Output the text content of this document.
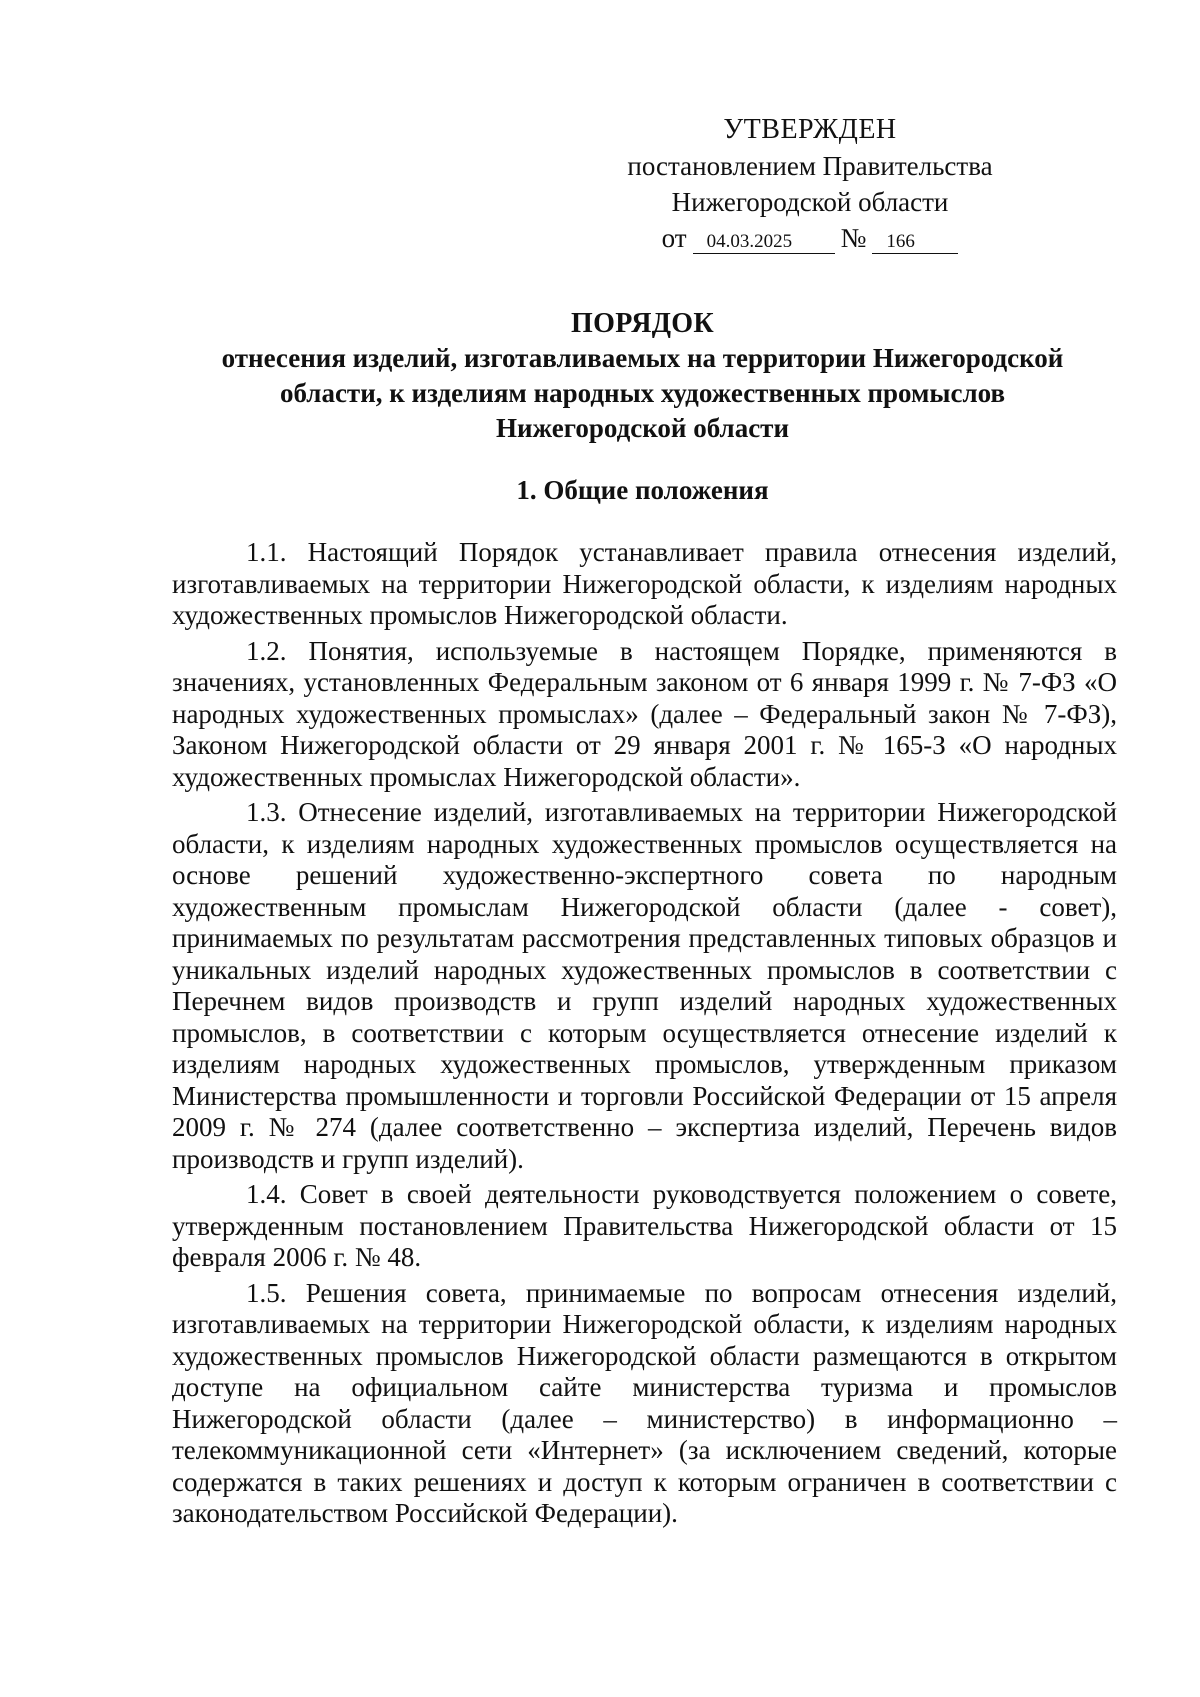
УТВЕРЖДЕН
постановлением Правительства
Нижегородской области
от	04.03.2025	№	166
ПОРЯДОК
отнесения изделий, изготавливаемых на территории Нижегородской
области, к изделиям народных художественных промыслов
Нижегородской области
1. Общие положения

1.1. Настоящий Порядок устанавливает правила отнесения изделий, изготавливаемых на территории Нижегородской области, к изделиям народных художественных промыслов Нижегородской области.

1.2. Понятия, используемые в настоящем Порядке, применяются в значениях, установленных Федеральным законом от 6 января 1999 г. № 7-ФЗ «О народных художественных промыслах» (далее – Федеральный закон № 7-ФЗ), Законом Нижегородской области от 29 января 2001 г. № 165-З «О народных художественных промыслах Нижегородской области».

1.3. Отнесение изделий, изготавливаемых на территории Нижегородской области, к изделиям народных художественных промыслов осуществляется на основе решений художественно-экспертного совета по народным художественным промыслам Нижегородской области (далее - совет), принимаемых по результатам рассмотрения представленных типовых образцов и уникальных изделий народных художественных промыслов в соответствии с Перечнем видов производств и групп изделий народных художественных промыслов, в соответствии с которым осуществляется отнесение изделий к изделиям народных художественных промыслов, утвержденным приказом Министерства промышленности и торговли Российской Федерации от 15 апреля 2009 г. № 274 (далее соответственно – экспертиза изделий, Перечень видов производств и групп изделий).

1.4. Совет в своей деятельности руководствуется положением о совете, утвержденным постановлением Правительства Нижегородской области от 15 февраля 2006 г. № 48.

1.5. Решения совета, принимаемые по вопросам отнесения изделий, изготавливаемых на территории Нижегородской области, к изделиям народных художественных промыслов Нижегородской области размещаются в открытом доступе на официальном сайте министерства туризма и промыслов Нижегородской области (далее – министерство) в информационно – телекоммуникационной сети «Интернет» (за исключением сведений, которые содержатся в таких решениях и доступ к которым ограничен в соответствии с законодательством Российской Федерации).
